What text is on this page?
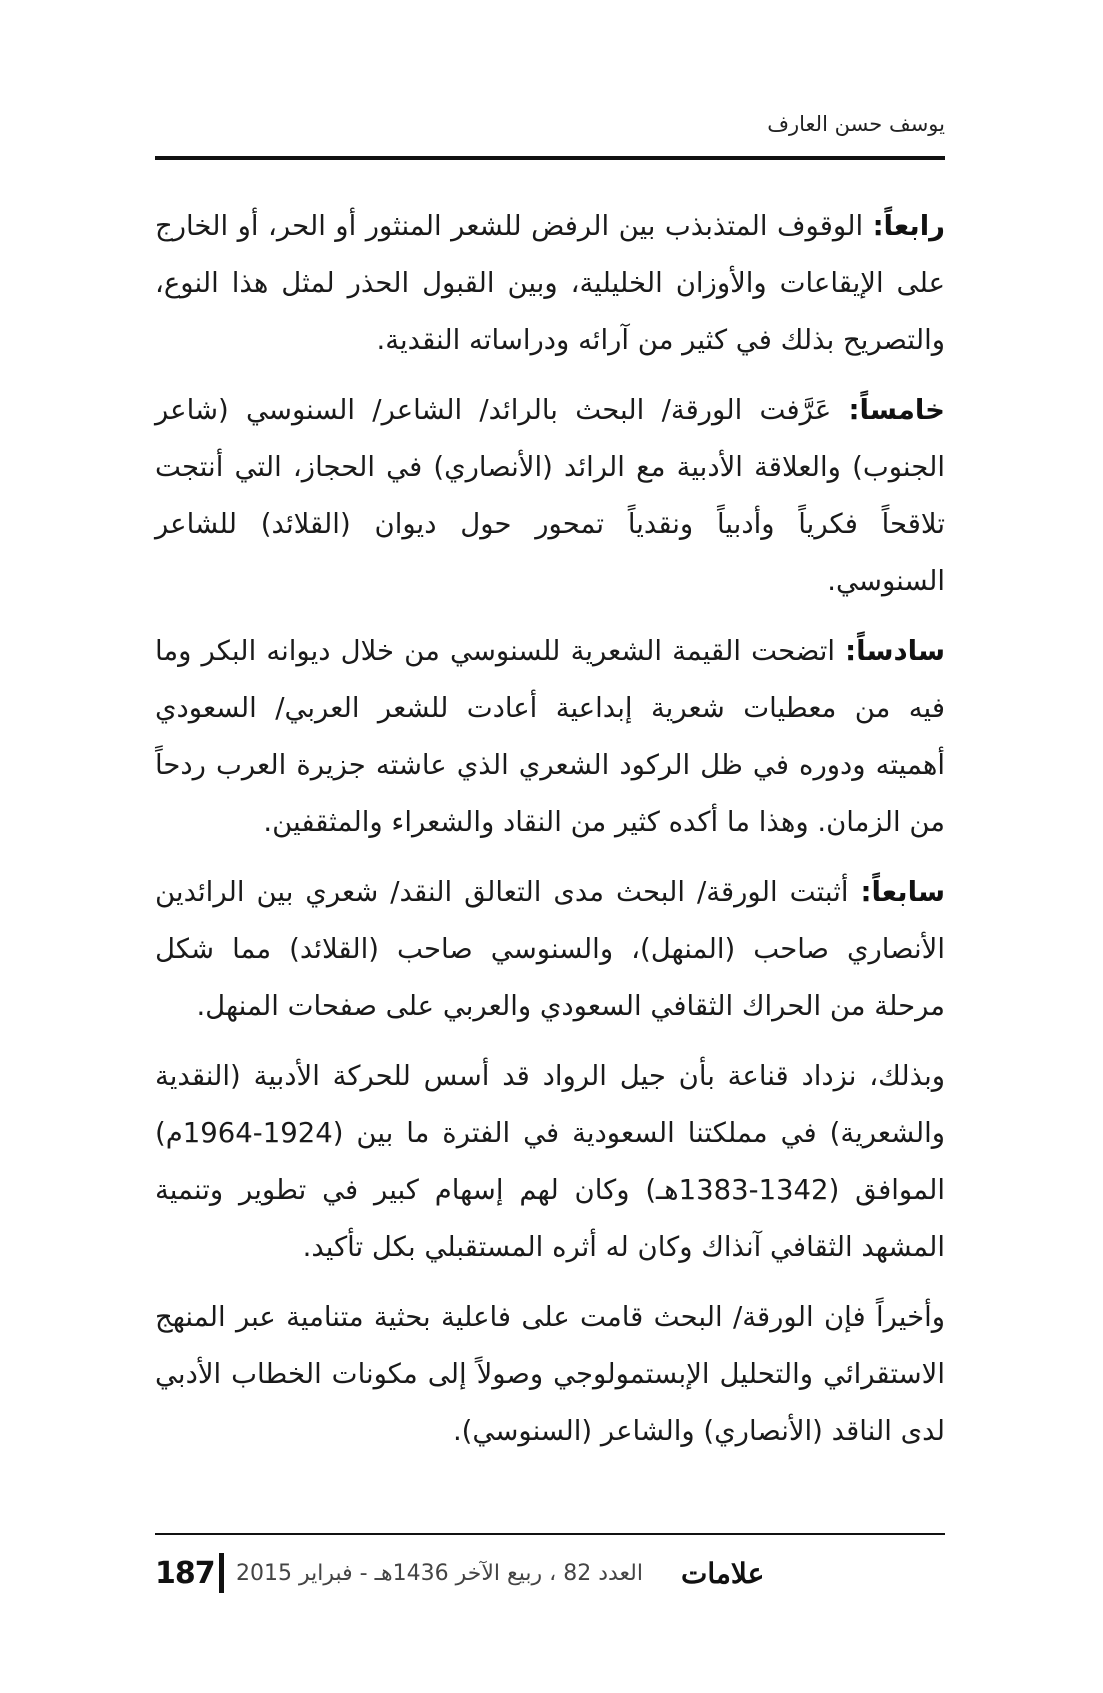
يوسف حسن العارف

رابعاً: الوقوف المتذبذب بين الرفض للشعر المنثور أو الحر، أو الخارج على الإيقاعات والأوزان الخليلية، وبين القبول الحذر لمثل هذا النوع، والتصريح بذلك في كثير من آرائه ودراساته النقدية.

خامساً: عَرَّفت الورقة/ البحث بالرائد/ الشاعر/ السنوسي (شاعر الجنوب) والعلاقة الأدبية مع الرائد (الأنصاري) في الحجاز، التي أنتجت تلاقحاً فكرياً وأدبياً ونقدياً تمحور حول ديوان (القلائد) للشاعر السنوسي.

سادساً: اتضحت القيمة الشعرية للسنوسي من خلال ديوانه البكر وما فيه من معطيات شعرية إبداعية أعادت للشعر العربي/ السعودي أهميته ودوره في ظل الركود الشعري الذي عاشته جزيرة العرب ردحاً من الزمان. وهذا ما أكده كثير من النقاد والشعراء والمثقفين.

سابعاً: أثبتت الورقة/ البحث مدى التعالق النقد/ شعري بين الرائدين الأنصاري صاحب (المنهل)، والسنوسي صاحب (القلائد) مما شكل مرحلة من الحراك الثقافي السعودي والعربي على صفحات المنهل.

وبذلك، نزداد قناعة بأن جيل الرواد قد أسس للحركة الأدبية (النقدية والشعرية) في مملكتنا السعودية في الفترة ما بين (1924-1964م) الموافق (1342-1383هـ) وكان لهم إسهام كبير في تطوير وتنمية المشهد الثقافي آنذاك وكان له أثره المستقبلي بكل تأكيد.

وأخيراً فإن الورقة/ البحث قامت على فاعلية بحثية متنامية عبر المنهج الاستقرائي والتحليل الإبستمولوجي وصولاً إلى مكونات الخطاب الأدبي لدى الناقد (الأنصاري) والشاعر (السنوسي).

187 العدد 82 ، ربيع الآخر 1436هـ - فبراير 2015 علامات
